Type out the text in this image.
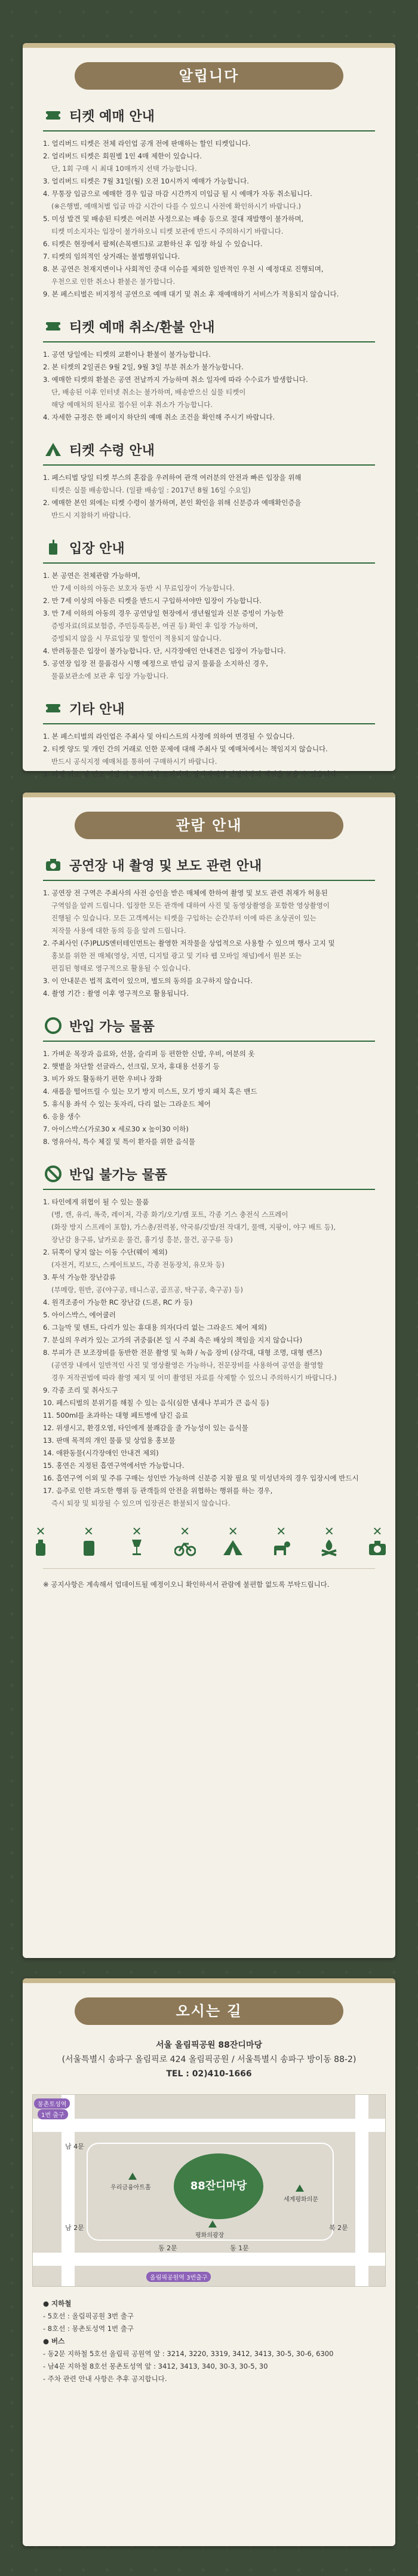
알립니다
티켓 예매 안내
1. 얼리버드 티켓은 전체 라인업 공개 전에 판매하는 할인 티켓입니다.
2. 얼리버드 티켓은 회원별 1인 4매 제한이 있습니다.
단, 1회 구매 시 최대 10매까지 선택 가능합니다.
3. 얼리버드 티켓은 7월 31일(월) 오전 10시까지 예매가 가능합니다.
4. 무통장 입금으로 예매한 경우 입금 마감 시간까지 미입금 될 시 예매가 자동 취소됩니다.
(※은행별, 예매처별 입금 마감 시간이 다를 수 있으니 사전에 확인하시기 바랍니다.)
5. 미성 발견 및 배송된 티켓은 여러분 사정으로는 배송 등으로 절대 재발행이 불가하며,
티켓 미소지자는 입장이 불가하오니 티켓 보관에 반드시 주의하시기 바랍니다.
6. 티켓은 현장에서 팔찌(손목밴드)로 교환하신 후 입장 하실 수 있습니다.
7. 티켓의 임의적인 상거래는 불법행위입니다.
8. 본 공연은 천재지변이나 사회적인 중대 이슈를 제외한 일반적인 우천 시 예정대로 진행되며,
우천으로 인한 취소나 환불은 불가합니다.
9. 본 페스티벌은 비지정석 공연으로 예매 대기 및 취소 후 재예매하기 서비스가 적용되지 않습니다.
티켓 예매 취소/환불 안내
1. 공연 당일에는 티켓의 교환이나 환불이 불가능합니다.
2. 본 티켓의 2일권은 9월 2일, 9월 3일 부분 취소가 불가능합니다.
3. 예매한 티켓의 환불은 공연 전날까지 가능하며 취소 일자에 따라 수수료가 발생합니다.
단, 배송된 이후 인터넷 취소는 불가하며, 배송받으신 실물 티켓이
해당 예매처의 된사로 접수된 이후 취소가 가능합니다.
4. 자세한 규정은 한 페이지 하단의 예매 취소 조건을 확인해 주시기 바랍니다.
티켓 수령 안내
1. 페스티벌 당일 티켓 부스의 혼잡을 우려하여 관객 여러분의 안전과 빠른 입장을 위해
티켓은 실물 배송합니다. (일괄 배송일 : 2017년 8월 16일 수요일)
2. 예매한 본인 외에는 티켓 수령이 불가하며, 본인 확인을 위해 신분증과 예매확인증을
반드시 지참하기 바랍니다.
입장 안내
1. 본 공연은 전체관람 가능하며,
만 7세 이하의 아동은 보호자 동반 시 무료입장이 가능합니다.
2. 만 7세 이상의 아동은 티켓을 반드시 구입하셔야만 입장이 가능합니다.
3. 만 7세 이하의 아동의 경우 공연당일 현장에서 생년월일과 신분 증빙이 가능한
증빙자료(의료보험증, 주민등록등본, 여권 등) 확인 후 입장 가능하며,
증빙되지 않을 시 무료입장 및 할인이 적용되지 않습니다.
4. 반려동물은 입장이 불가능합니다. 단, 시각장애인 안내견은 입장이 가능합니다.
5. 공연장 입장 전 물품검사 시행 예정으로 반입 금지 물품을 소지하신 경우,
물품보관소에 보관 후 입장 가능합니다.
기타 안내
1. 본 페스티벌의 라인업은 주최사 및 아티스트의 사정에 의하여 변경될 수 있습니다.
2. 티켓 양도 및 개인 간의 거래로 인한 문제에 대해 주최사 및 예매처에서는 책임지지 않습니다.
반드시 공식지정 예매처를 통하여 구매하시기 바랍니다.
3. 티켓 위조 및 변조 적발 시 즉시 회장 조치되며, 당사자에게 민형사상의 책임을 묻을 수 있습니다.
관람 안내
공연장 내 촬영 및 보도 관련 안내
1. 공연장 전 구역은 주최사의 사전 승인을 받은 매체에 한하여 촬영 및 보도 관련 취재가 허용된
구역임을 알려 드립니다. 입장한 모든 관객에 대하여 사진 및 동영상촬영을 포함한 영상촬영이
진행될 수 있습니다. 모든 고객께서는 티켓을 구입하는 순간부터 이에 따른 초상권이 있는
저작물 사용에 대한 동의 등을 알려 드립니다.
2. 주최사인 (주)PLUS엔터테인먼트는 촬영한 저작물을 상업적으로 사용할 수 있으며 행사 고지 및
홍보를 위한 전 매체(영상, 지면, 디지털 광고 및 기타 웹 모바일 채널)에서 원본 또는
편집된 형태로 영구적으로 활용될 수 있습니다.
3. 이 안내문은 법적 효력이 있으며, 별도의 동의를 요구하지 않습니다.
4. 촬영 기간 : 촬영 이후 영구적으로 활용됩니다.
반입 가능 물품
1. 가벼운 목장과 음료와, 선물, 슬리퍼 등 편한한 신발, 우비, 여분의 옷
2. 햇볕을 차단할 선글라스, 선크림, 모자, 휴대용 선풍기 등
3. 비가 와도 활동하기 편한 우비나 장화
4. 새롭을 떨어뜨릴 수 있는 모기 방지 미스트, 모기 방지 패치 혹은 밴드
5. 휴식용 좌석 수 있는 돗자리, 다리 없는 그라운드 체어
6. 응용 생수
7. 아이스박스(가로30 x 세로30 x 높이30 이하)
8. 영유아식, 특수 체질 및 특이 환자를 위한 음식물
반입 불가능 물품
1. 타인에게 위협이 될 수 있는 물품
(병, 캔, 유리, 폭죽, 레이저, 각종 화기/오기/캠 포트, 각종 기스 충전식 스프레이
(화장 방지 스프레이 포함), 가스총/전력봉, 약국류/깃발/전 작대기, 물백, 지팡이, 야구 배트 등),
장난감 용구류, 날카로운 물건, 흉기성 흥분, 물건, 공구류 등)
2. 뒤쪽이 닿지 않는 이동 수단(웨이 제외)
(자전거, 킥보드, 스케이트보드, 각종 전동장치, 유모차 등)
3. 투석 가능한 장난감류
(부메랑, 원반, 공(야구공, 테니스공, 골프공, 탁구공, 축구공) 등)
4. 원격조종이 가능한 RC 장난감 (드론, RC 카 등)
5. 아이스박스, 에어쿨러
6. 그늘막 및 텐트, 다리가 있는 휴대용 의자(다리 없는 그라운드 체어 제외)
7. 분실의 우려가 있는 고가의 귀중품(본 일 시 주최 측은 배상의 책임을 지지 않습니다)
8. 부피가 큰 보조장비를 동반한 전문 촬영 및 녹화 / 녹음 장비 (삼각대, 대형 조명, 대형 렌즈)
(공연장 내에서 일반적인 사진 및 영상촬영은 가능하나, 전문장비를 사용하여 공연을 촬영할
경우 저작권법에 따라 촬영 제지 및 이미 촬영된 자료를 삭제할 수 있으니 주의하시기 바랍니다.)
9. 각종 조리 및 취사도구
10. 페스티벌의 분위기를 해칠 수 있는 음식(심한 냄새나 부피가 큰 음식 등)
11. 500ml를 초과하는 대형 페트병에 담긴 음료
12. 위생시고, 환경오염, 타인에게 불쾌감을 줄 가능성이 있는 음식물
13. 판매 목적의 개인 물품 및 상업용 홍보물
14. 애완동물(시각장애인 안내견 제외)
15. 홍연은 지정된 흡연구역에서만 가능합니다.
16. 흡연구역 이외 및 주류 구매는 성인만 가능하며 신분증 지참 필요 및 미성년자의 경우 입장시에 반드시
17. 음주로 인한 과도한 행위 등 관객들의 안전을 위협하는 행위를 하는 경우,
즉시 퇴장 및 퇴장될 수 있으며 입장권은 환불되지 않습니다.
✕	✕	✕	✕	✕	✕	✕	✕
※ 공지사항은 계속해서 업데이트될 예정이오니 확인하셔서 관람에 불편함 없도록 부탁드립니다.
오시는 길
서울 올림픽공원 88잔디마당
(서울특별시 송파구 올림픽로 424 올림픽공원 / 서울특별시 송파구 방이동 88-2)
TEL : 02)410-1666
88잔디마당
몽촌토성역
1번 출구
남 4문
남 2문
동 2문	동 1문
북 2문
우리금융아트홀
평화의광장
세계평화의문
올림픽공원역 3번출구
● 지하철
- 5호선 : 올림픽공원 3번 출구
- 8호선 : 몽촌토성역 1번 출구
● 버스
- 동2문 지하철 5호선 올림픽 공원역 앞 : 3214, 3220, 3319, 3412, 3413, 30-5, 30-6, 6300
- 남4문 지하철 8호선 몽촌토성역 앞 : 3412, 3413, 340, 30-3, 30-5, 30
- 주차 관련 안내 사항은 추후 공지합니다.
